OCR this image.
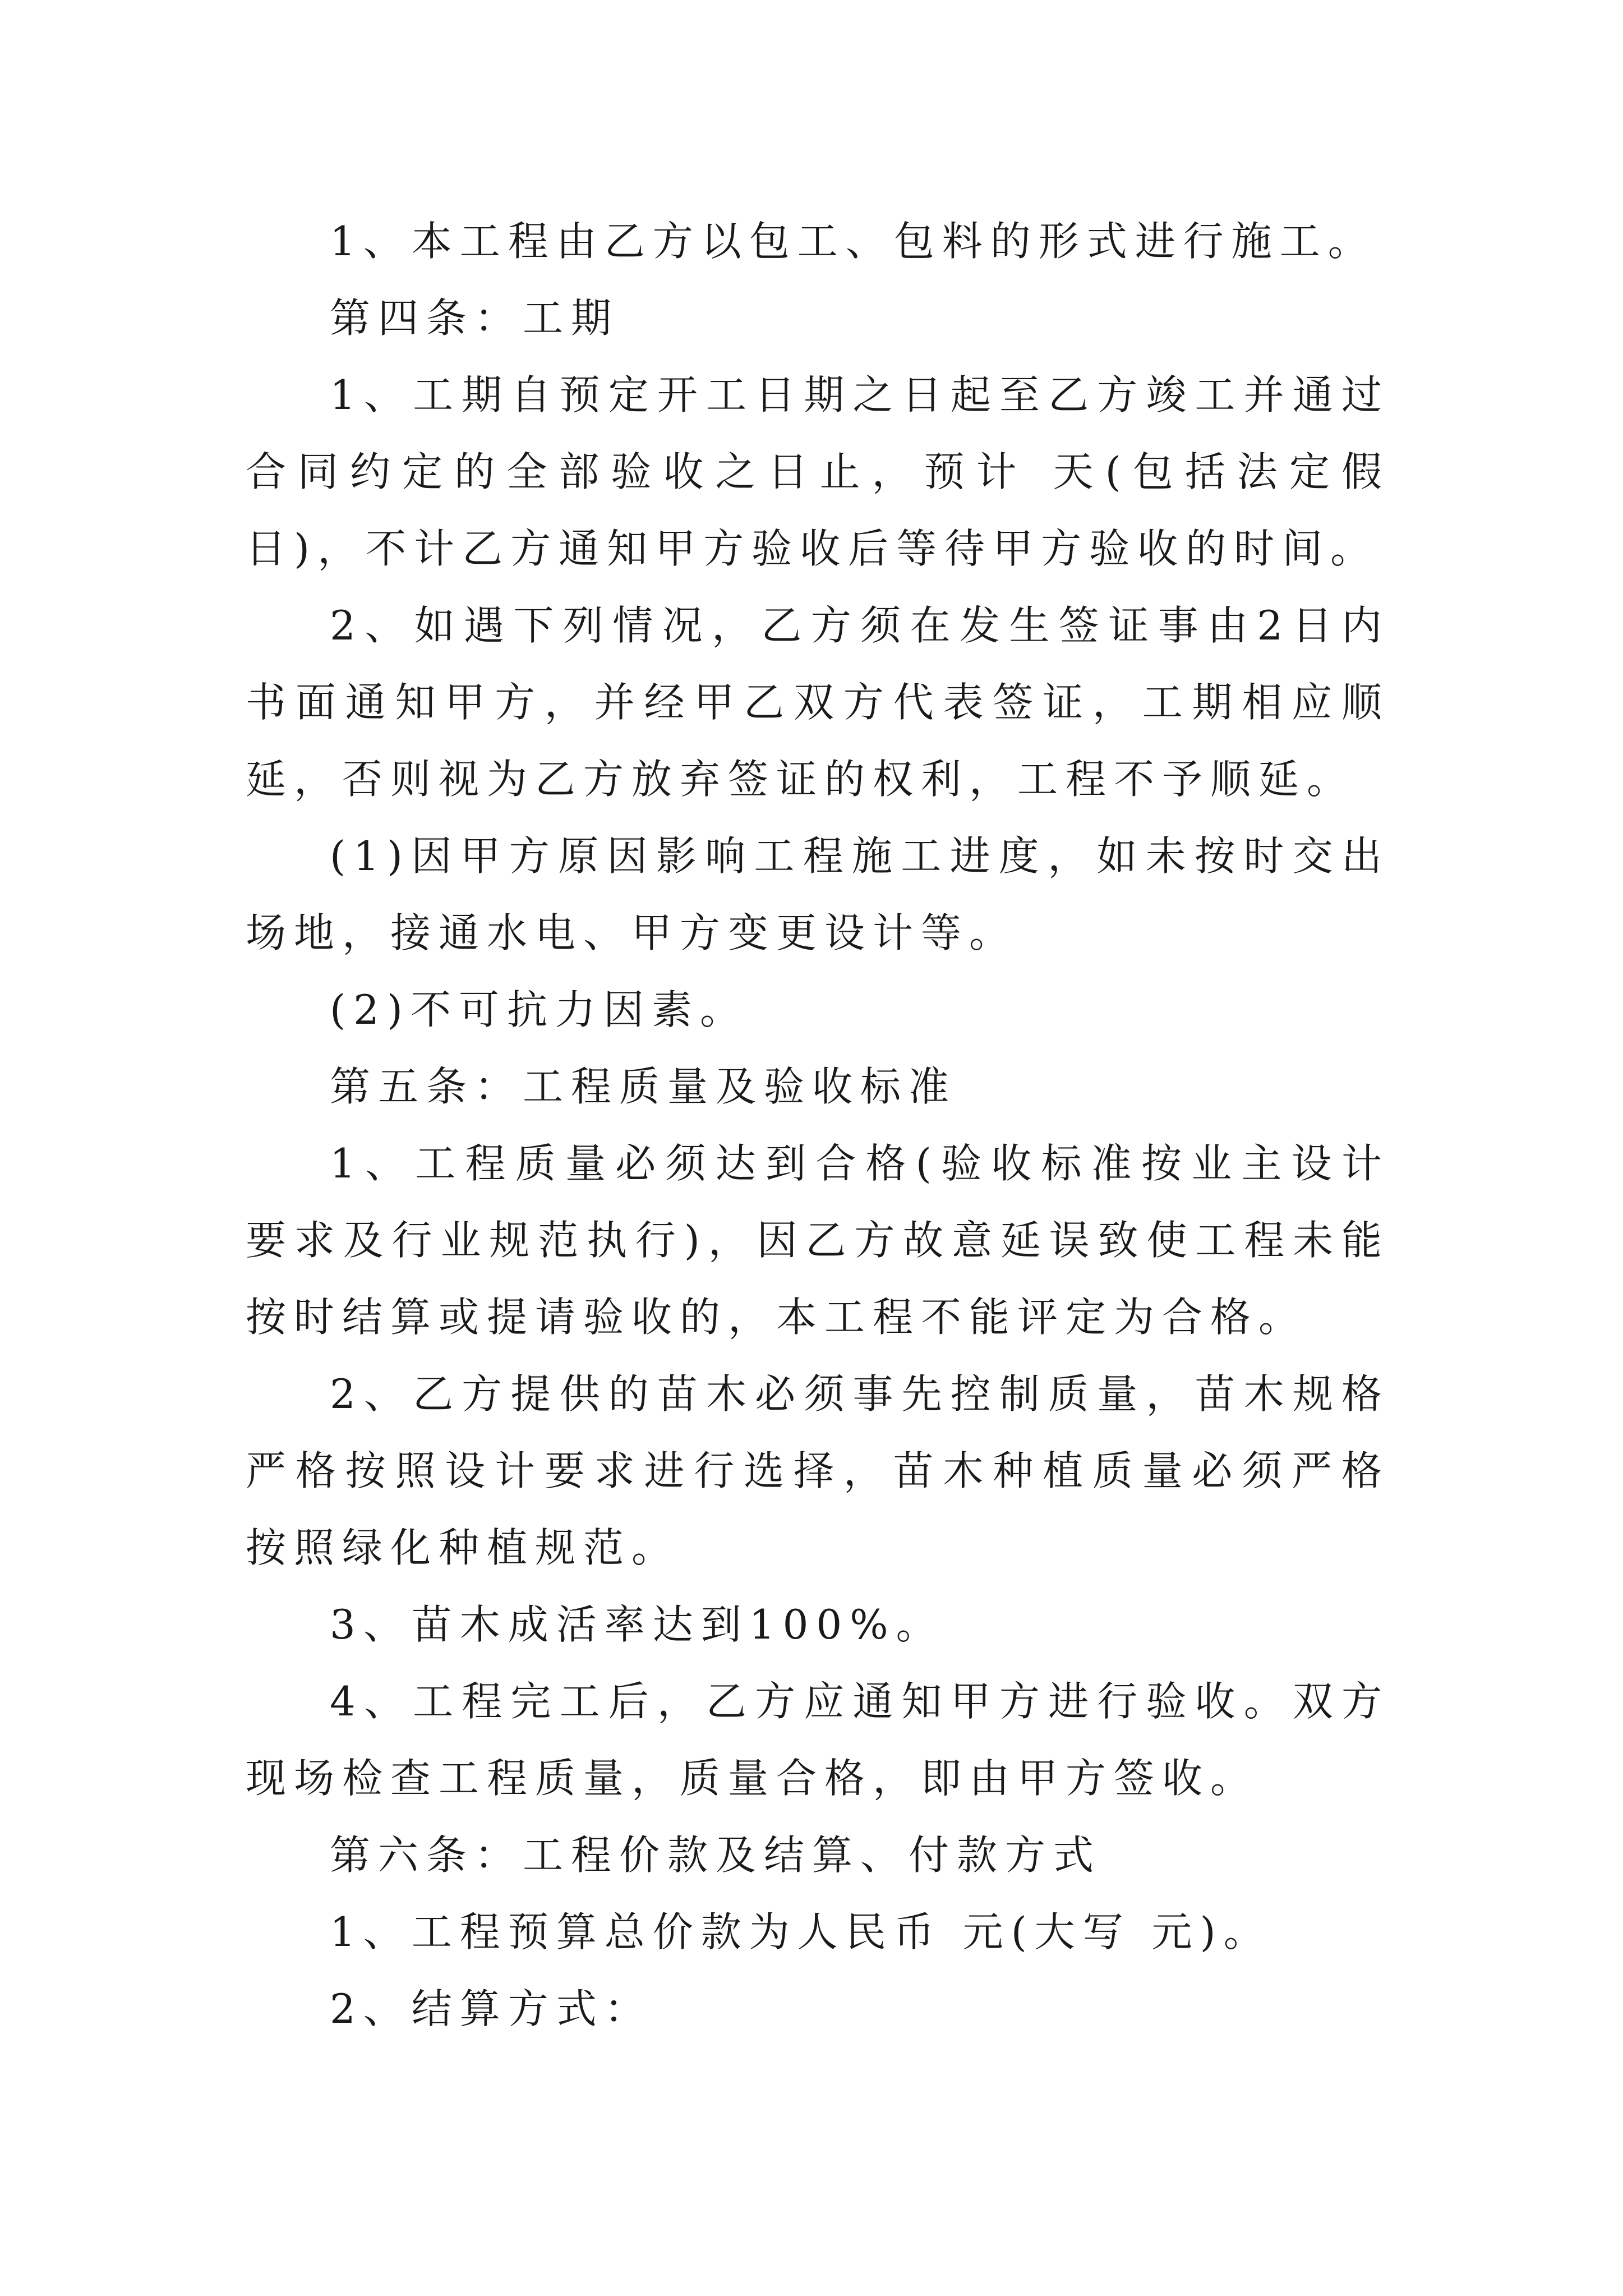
1、本工程由乙方以包工、包料的形式进行施工。

第四条：工期

1、工期自预定开工日期之日起至乙方竣工并通过合同约定的全部验收之日止，预计 天(包括法定假日)，不计乙方通知甲方验收后等待甲方验收的时间。

2、如遇下列情况，乙方须在发生签证事由2日内书面通知甲方，并经甲乙双方代表签证，工期相应顺延，否则视为乙方放弃签证的权利，工程不予顺延。

(1)因甲方原因影响工程施工进度，如未按时交出场地，接通水电、甲方变更设计等。

(2)不可抗力因素。

第五条：工程质量及验收标准

1、工程质量必须达到合格(验收标准按业主设计要求及行业规范执行)，因乙方故意延误致使工程未能按时结算或提请验收的，本工程不能评定为合格。

2、乙方提供的苗木必须事先控制质量，苗木规格严格按照设计要求进行选择，苗木种植质量必须严格按照绿化种植规范。

3、苗木成活率达到100%。

4、工程完工后，乙方应通知甲方进行验收。双方现场检查工程质量，质量合格，即由甲方签收。

第六条：工程价款及结算、付款方式

1、工程预算总价款为人民币 元(大写 元)。

2、结算方式：
